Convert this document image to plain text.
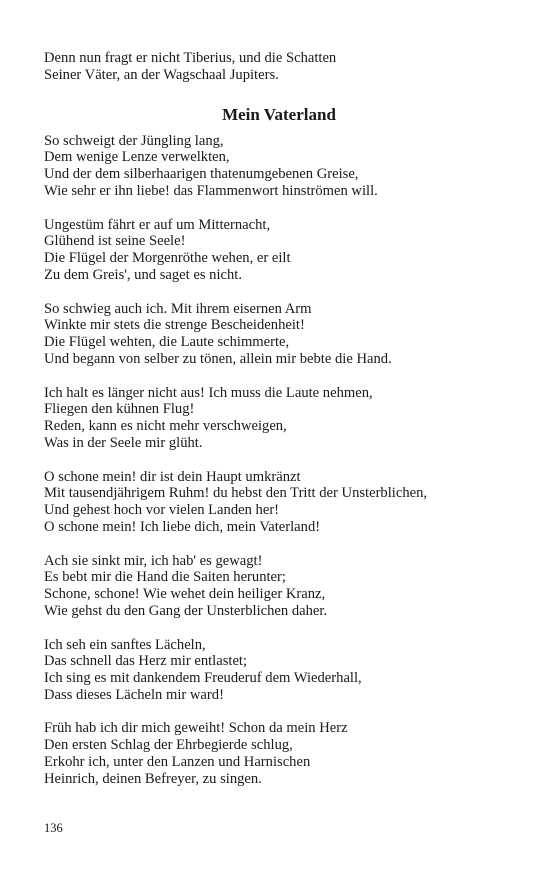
Denn nun fragt er nicht Tiberius, und die Schatten
Seiner Väter, an der Wagschaal Jupiters.
Mein Vaterland
So schweigt der Jüngling lang,
Dem wenige Lenze verwelkten,
Und der dem silberhaarigen thatenumgebenen Greise,
Wie sehr er ihn liebe! das Flammenwort hinströmen will.
Ungestüm fährt er auf um Mitternacht,
Glühend ist seine Seele!
Die Flügel der Morgenröthe wehen, er eilt
Zu dem Greis', und saget es nicht.
So schwieg auch ich. Mit ihrem eisernen Arm
Winkte mir stets die strenge Bescheidenheit!
Die Flügel wehten, die Laute schimmerte,
Und begann von selber zu tönen, allein mir bebte die Hand.
Ich halt es länger nicht aus! Ich muss die Laute nehmen,
Fliegen den kühnen Flug!
Reden, kann es nicht mehr verschweigen,
Was in der Seele mir glüht.
O schone mein! dir ist dein Haupt umkränzt
Mit tausendjährigem Ruhm! du hebst den Tritt der Unsterblichen,
Und gehest hoch vor vielen Landen her!
O schone mein! Ich liebe dich, mein Vaterland!
Ach sie sinkt mir, ich hab' es gewagt!
Es bebt mir die Hand die Saiten herunter;
Schone, schone! Wie wehet dein heiliger Kranz,
Wie gehst du den Gang der Unsterblichen daher.
Ich seh ein sanftes Lächeln,
Das schnell das Herz mir entlastet;
Ich sing es mit dankendem Freuderuf dem Wiederhall,
Dass dieses Lächeln mir ward!
Früh hab ich dir mich geweiht! Schon da mein Herz
Den ersten Schlag der Ehrbegierde schlug,
Erkohr ich, unter den Lanzen und Harnischen
Heinrich, deinen Befreyer, zu singen.
136
